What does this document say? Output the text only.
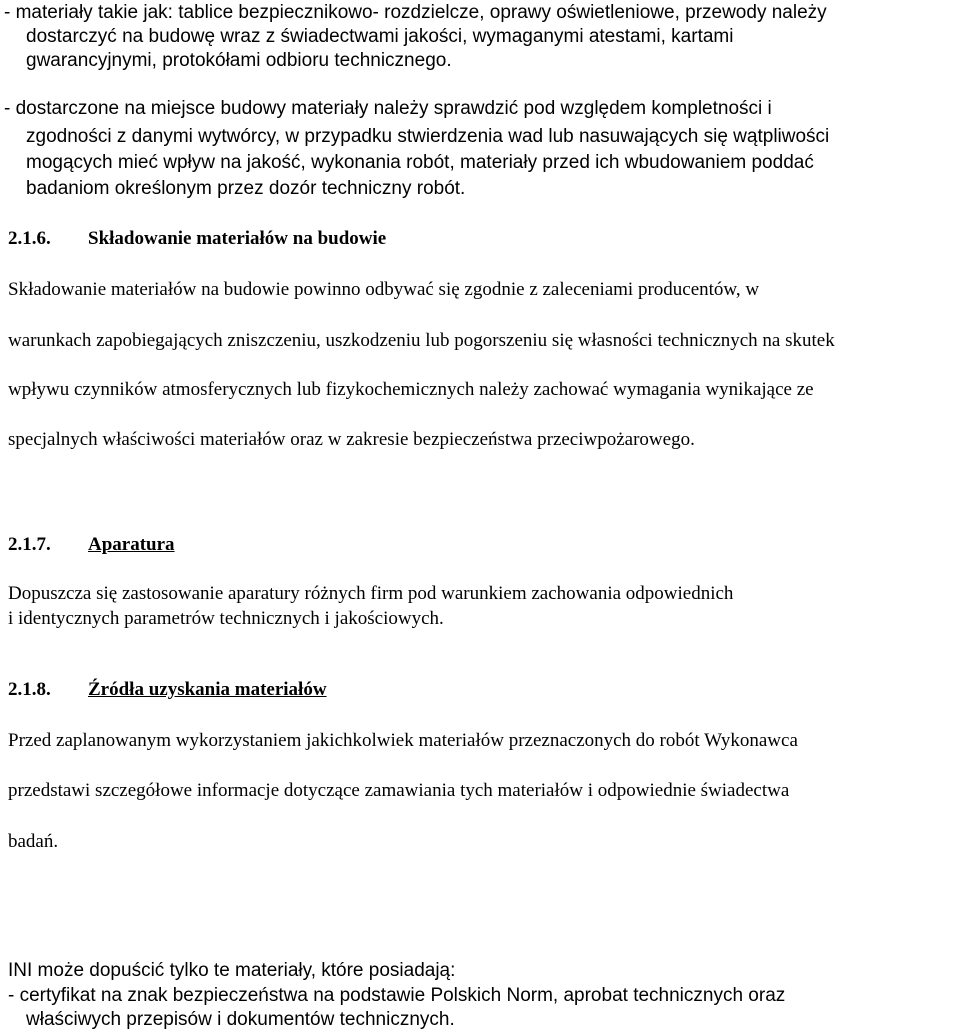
- materiały takie jak: tablice bezpiecznikowo- rozdzielcze, oprawy oświetleniowe, przewody należy
dostarczyć na budowę wraz z świadectwami jakości, wymaganymi atestami, kartami
gwarancyjnymi, protokółami odbioru technicznego.
- dostarczone na miejsce budowy materiały należy sprawdzić pod względem kompletności i
zgodności z danymi wytwórcy, w przypadku stwierdzenia wad lub nasuwających się wątpliwości
mogących mieć wpływ na jakość, wykonania robót, materiały przed ich wbudowaniem poddać
badaniom określonym przez dozór techniczny robót.
2.1.6. Składowanie materiałów na budowie
Składowanie materiałów na budowie powinno odbywać się zgodnie z zaleceniami producentów, w
warunkach zapobiegających zniszczeniu, uszkodzeniu lub pogorszeniu się własności technicznych na skutek
wpływu czynników atmosferycznych lub fizykochemicznych należy zachować wymagania wynikające ze
specjalnych właściwości materiałów oraz w zakresie bezpieczeństwa przeciwpożarowego.
2.1.7. Aparatura
Dopuszcza się zastosowanie aparatury różnych firm pod warunkiem zachowania odpowiednich
i identycznych parametrów technicznych i jakościowych.
2.1.8. Źródła uzyskania materiałów
Przed zaplanowanym wykorzystaniem jakichkolwiek materiałów przeznaczonych do robót Wykonawca
przedstawi szczegółowe informacje dotyczące zamawiania tych materiałów i odpowiednie świadectwa
badań.
INI może dopuścić tylko te materiały, które posiadają:
- certyfikat na znak bezpieczeństwa na podstawie Polskich Norm, aprobat technicznych oraz
właściwych przepisów i dokumentów technicznych.
